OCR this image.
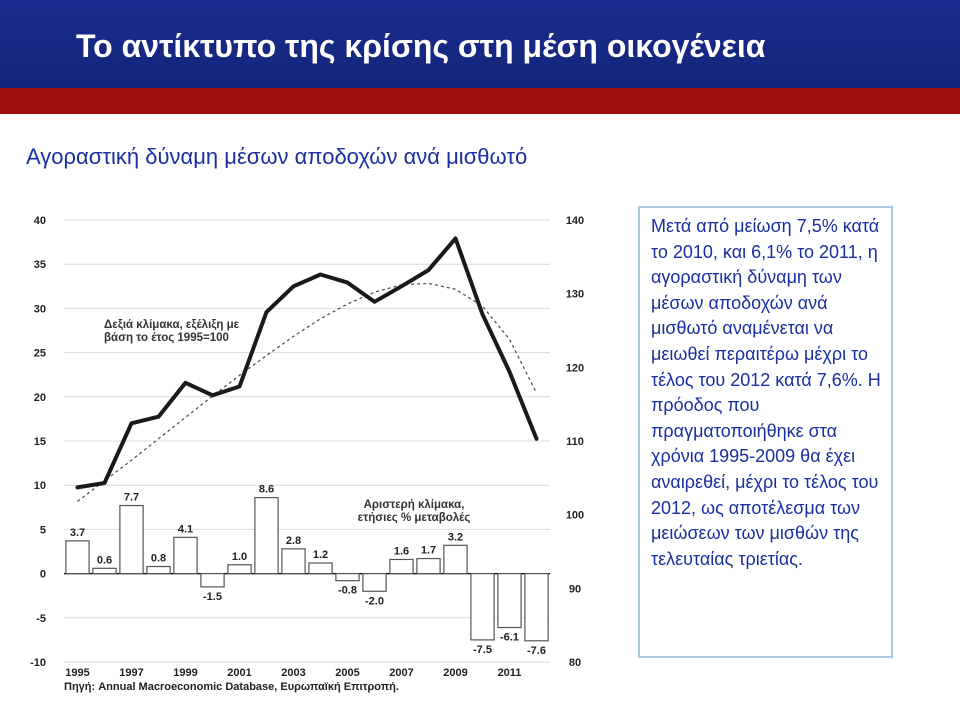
Το αντίκτυπο της κρίσης στη μέση οικογένεια
Αγοραστική δύναμη μέσων αποδοχών ανά μισθωτό
40
35
30
25
20
15
10
5
0
-5
-10
140
130
120
110
100
90
80
3.7
0.6
7.7
0.8
4.1
-1.5
1.0
8.6
2.8
1.2
-0.8
-2.0
1.6 1.7
3.2
-7.5
-6.1
-7.6
1995	1997	1999	2001	2003	2005	2007	2009	2011
Δεξιά κλίμακα, εξέλιξη με
βάση το έτος 1995=100
Αριστερή κλίμακα,
ετήσιες % μεταβολές
Πηγή: Annual Macroeconomic Database, Ευρωπαϊκή Επιτροπή.

Μετά από μείωση 7,5% κατά το 2010, και 6,1% το 2011, η αγοραστική δύναμη των μέσων αποδοχών ανά μισθωτό αναμένεται να μειωθεί περαιτέρω μέχρι το τέλος του 2012 κατά 7,6%. Η πρόοδος που πραγματοποιήθηκε στα χρόνια 1995-2009 θα έχει αναιρεθεί, μέχρι το τέλος του 2012, ως αποτέλεσμα των μειώσεων των μισθών της τελευταίας τριετίας.
